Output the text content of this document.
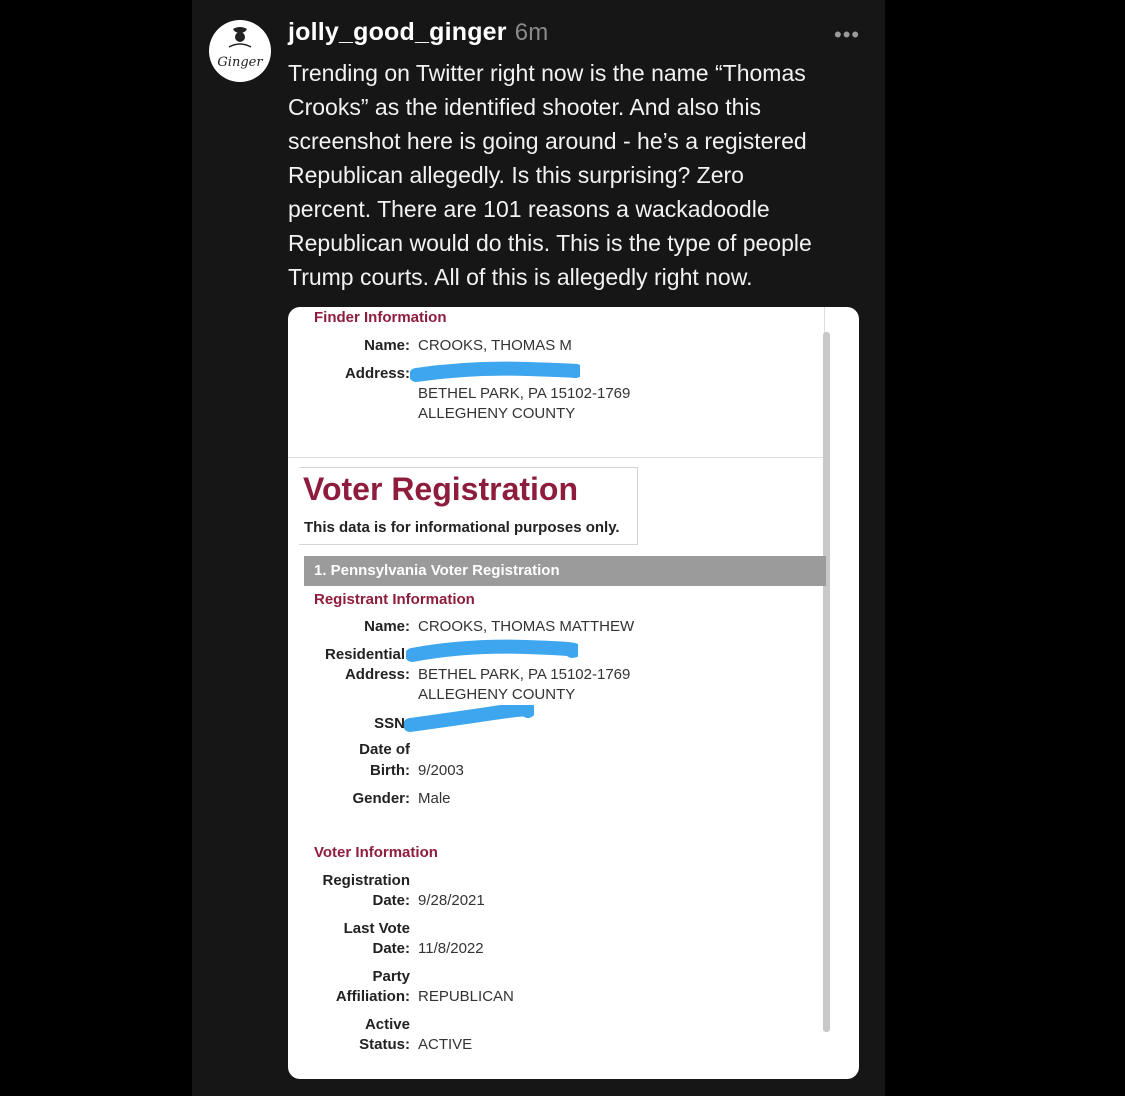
Ginger
jolly_good_ginger 6m	•••

Trending on Twitter right now is the name “Thomas
Crooks” as the identified shooter. And also this
screenshot here is going around - he’s a registered
Republican allegedly. Is this surprising? Zero
percent. There are 101 reasons a wackadoodle
Republican would do this. This is the type of people
Trump courts. All of this is allegedly right now.

Finder Information
Name: CROOKS, THOMAS M
Address:
BETHEL PARK, PA 15102-1769
ALLEGHENY COUNTY
Voter Registration
This data is for informational purposes only.
1. Pennsylvania Voter Registration
Registrant Information
Name: CROOKS, THOMAS MATTHEW
Residential
Address: BETHEL PARK, PA 15102-1769
ALLEGHENY COUNTY
SSN
Date of
Birth: 9/2003
Gender: Male
Voter Information
Registration
Date: 9/28/2021
Last Vote
Date: 11/8/2022
Party
Affiliation: REPUBLICAN
Active
Status: ACTIVE
